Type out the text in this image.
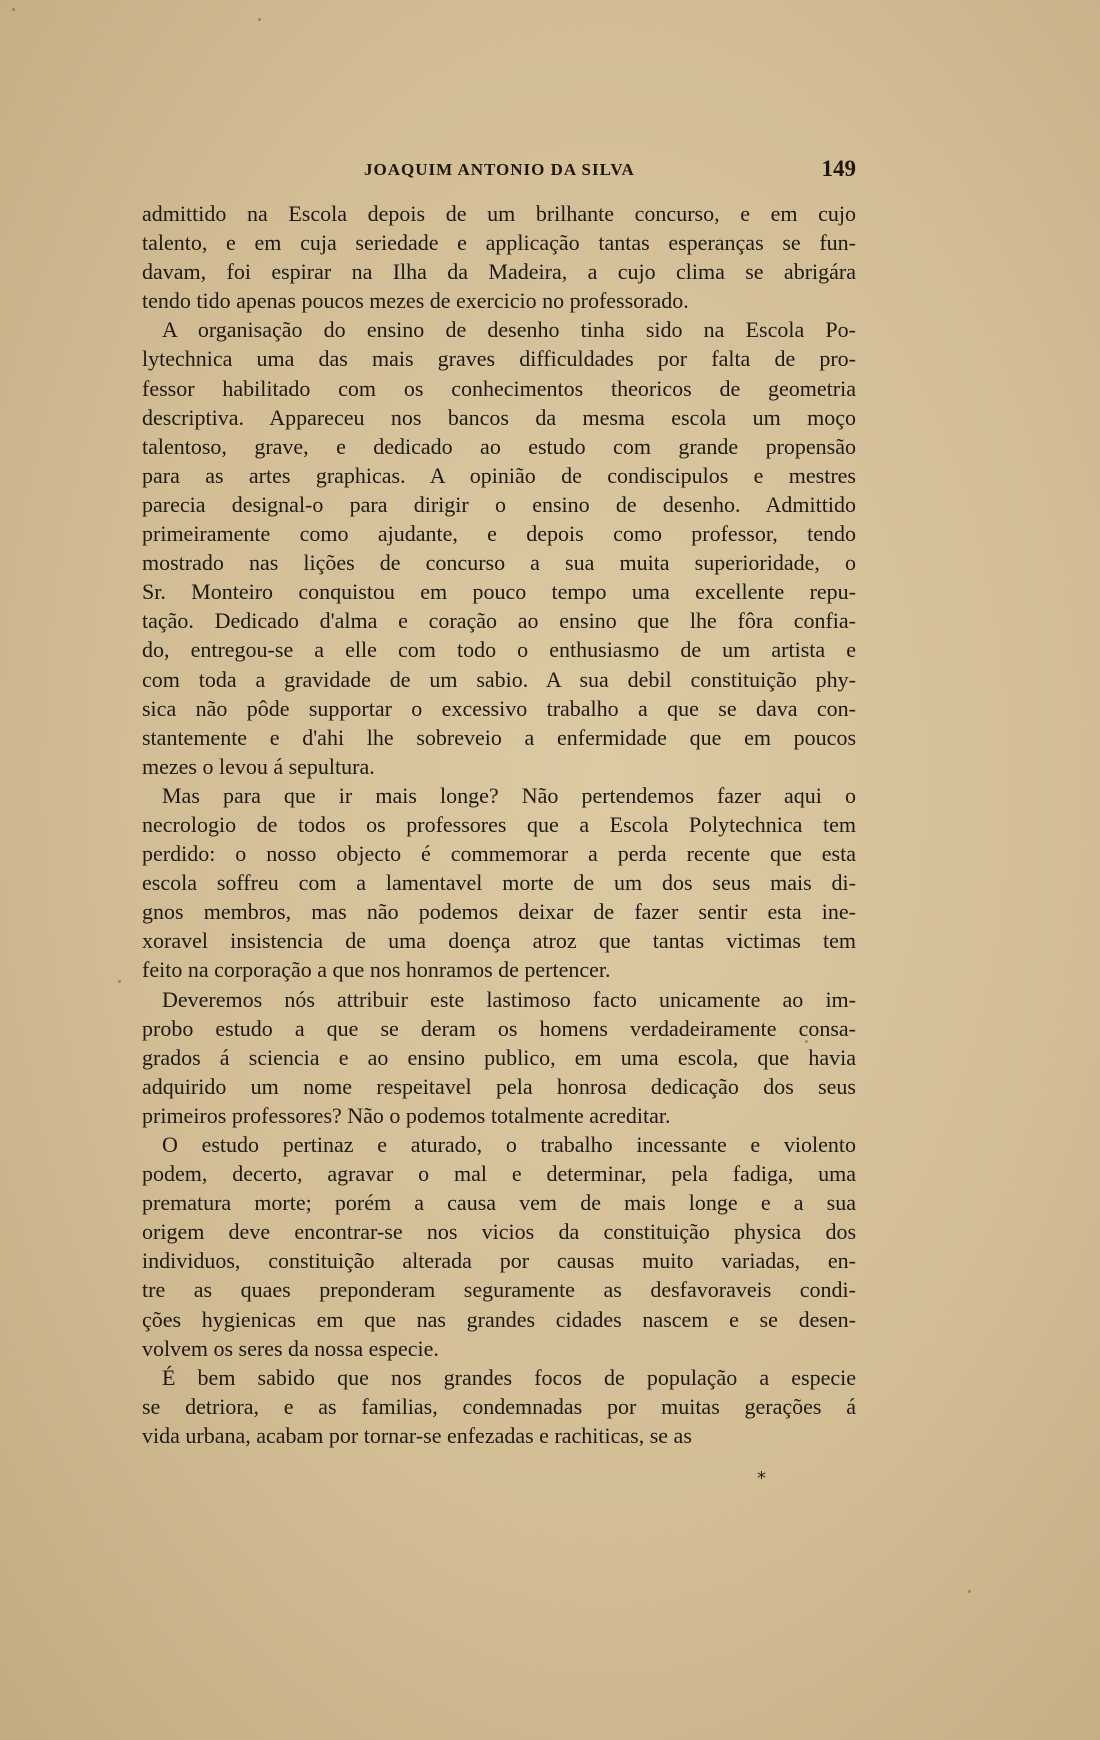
JOAQUIM ANTONIO DA SILVA	149
admittido na Escola depois de um brilhante concurso, e em cujo
talento, e em cuja seriedade e applicação tantas esperanças se fun-
davam, foi espirar na Ilha da Madeira, a cujo clima se abrigára
tendo tido apenas poucos mezes de exercicio no professorado.
A organisação do ensino de desenho tinha sido na Escola Po-
lytechnica uma das mais graves difficuldades por falta de pro-
fessor habilitado com os conhecimentos theoricos de geometria
descriptiva. Appareceu nos bancos da mesma escola um moço
talentoso, grave, e dedicado ao estudo com grande propensão
para as artes graphicas. A opinião de condiscipulos e mestres
parecia designal-o para dirigir o ensino de desenho. Admittido
primeiramente como ajudante, e depois como professor, tendo
mostrado nas lições de concurso a sua muita superioridade, o
Sr. Monteiro conquistou em pouco tempo uma excellente repu-
tação. Dedicado d'alma e coração ao ensino que lhe fôra confia-
do, entregou-se a elle com todo o enthusiasmo de um artista e
com toda a gravidade de um sabio. A sua debil constituição phy-
sica não pôde supportar o excessivo trabalho a que se dava con-
stantemente e d'ahi lhe sobreveio a enfermidade que em poucos
mezes o levou á sepultura.
Mas para que ir mais longe? Não pertendemos fazer aqui o
necrologio de todos os professores que a Escola Polytechnica tem
perdido: o nosso objecto é commemorar a perda recente que esta
escola soffreu com a lamentavel morte de um dos seus mais di-
gnos membros, mas não podemos deixar de fazer sentir esta ine-
xoravel insistencia de uma doença atroz que tantas victimas tem
feito na corporação a que nos honramos de pertencer.
Deveremos nós attribuir este lastimoso facto unicamente ao im-
probo estudo a que se deram os homens verdadeiramente consa-
grados á sciencia e ao ensino publico, em uma escola, que havia
adquirido um nome respeitavel pela honrosa dedicação dos seus
primeiros professores? Não o podemos totalmente acreditar.
O estudo pertinaz e aturado, o trabalho incessante e violento
podem, decerto, agravar o mal e determinar, pela fadiga, uma
prematura morte; porém a causa vem de mais longe e a sua
origem deve encontrar-se nos vicios da constituição physica dos
individuos, constituição alterada por causas muito variadas, en-
tre as quaes preponderam seguramente as desfavoraveis condi-
ções hygienicas em que nas grandes cidades nascem e se desen-
volvem os seres da nossa especie.
É bem sabido que nos grandes focos de população a especie
se detriora, e as familias, condemnadas por muitas gerações á
vida urbana, acabam por tornar-se enfezadas e rachiticas, se as
*
